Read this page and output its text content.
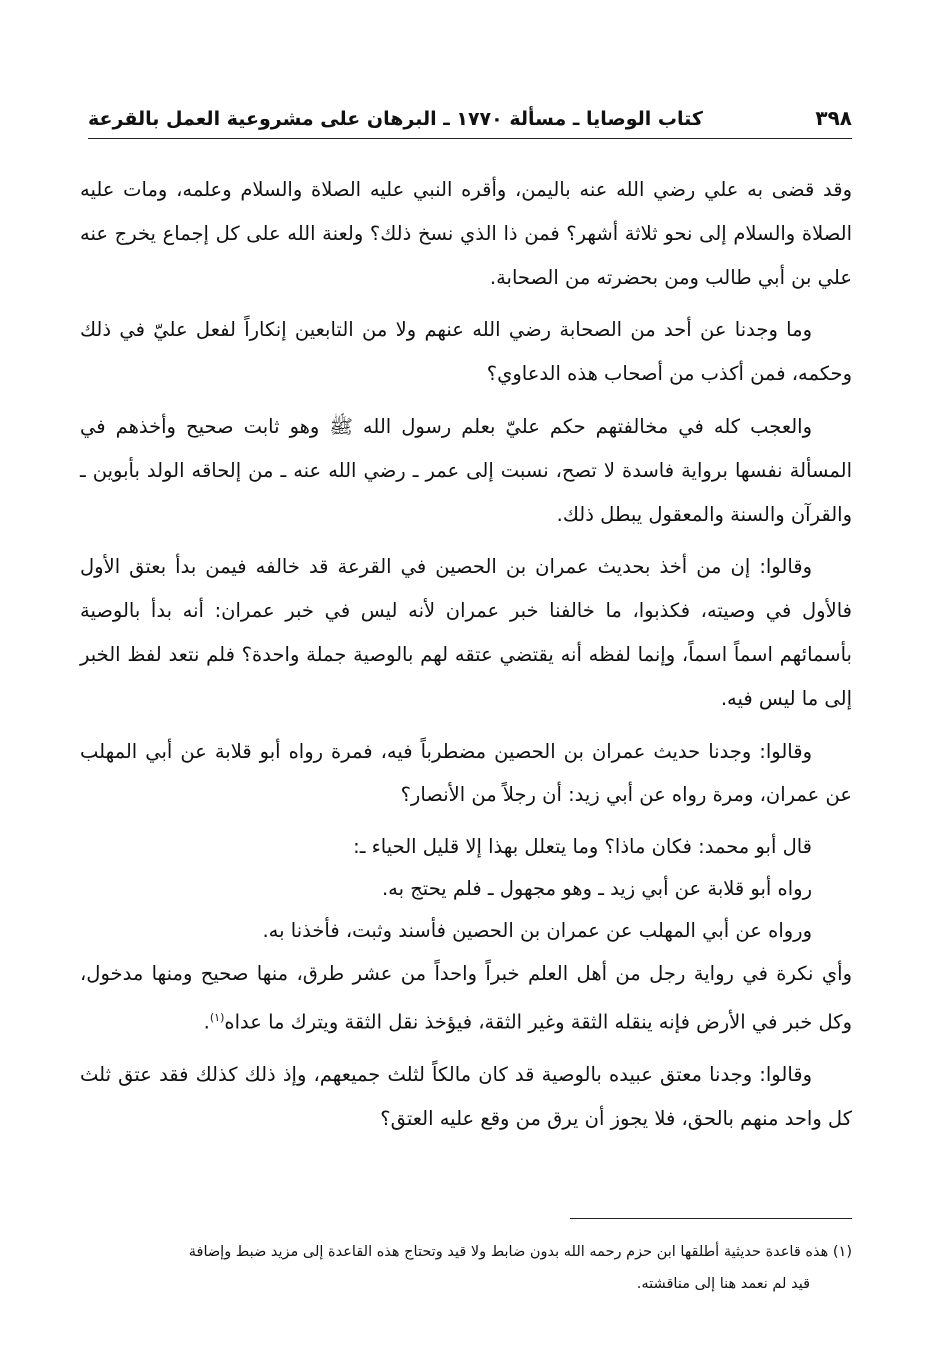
٣٩٨
كتاب الوصايا ـ مسألة ١٧٧٠ ـ البرهان على مشروعية العمل بالقرعة

وقد قضى به علي رضي الله عنه باليمن، وأقره النبي عليه الصلاة والسلام وعلمه، ومات عليه الصلاة والسلام إلى نحو ثلاثة أشهر؟ فمن ذا الذي نسخ ذلك؟ ولعنة الله على كل إجماع يخرج عنه علي بن أبي طالب ومن بحضرته من الصحابة.

وما وجدنا عن أحد من الصحابة رضي الله عنهم ولا من التابعين إنكاراً لفعل عليّ في ذلك وحكمه، فمن أكذب من أصحاب هذه الدعاوي؟

والعجب كله في مخالفتهم حكم عليّ بعلم رسول الله ﷺ وهو ثابت صحيح وأخذهم في المسألة نفسها برواية فاسدة لا تصح، نسبت إلى عمر ـ رضي الله عنه ـ من إلحاقه الولد بأبوين ـ والقرآن والسنة والمعقول يبطل ذلك.

وقالوا: إن من أخذ بحديث عمران بن الحصين في القرعة قد خالفه فيمن بدأ بعتق الأول فالأول في وصيته، فكذبوا، ما خالفنا خبر عمران لأنه ليس في خبر عمران: أنه بدأ بالوصية بأسمائهم اسماً اسماً، وإنما لفظه أنه يقتضي عتقه لهم بالوصية جملة واحدة؟ فلم نتعد لفظ الخبر إلى ما ليس فيه.

وقالوا: وجدنا حديث عمران بن الحصين مضطرباً فيه، فمرة رواه أبو قلابة عن أبي المهلب عن عمران، ومرة رواه عن أبي زيد: أن رجلاً من الأنصار؟

قال أبو محمد: فكان ماذا؟ وما يتعلل بهذا إلا قليل الحياء ـ:

رواه أبو قلابة عن أبي زيد ـ وهو مجهول ـ فلم يحتج به.

ورواه عن أبي المهلب عن عمران بن الحصين فأسند وثبت، فأخذنا به.

وأي نكرة في رواية رجل من أهل العلم خبراً واحداً من عشر طرق، منها صحيح ومنها مدخول، وكل خبر في الأرض فإنه ينقله الثقة وغير الثقة، فيؤخذ نقل الثقة ويترك ما عداه$^{(١)}$.

وقالوا: وجدنا معتق عبيده بالوصية قد كان مالكاً لثلث جميعهم، وإذ ذلك كذلك فقد عتق ثلث كل واحد منهم بالحق، فلا يجوز أن يرق من وقع عليه العتق؟

(١) هذه قاعدة حديثية أطلقها ابن حزم رحمه الله بدون ضابط ولا قيد وتحتاج هذه القاعدة إلى مزيد ضبط وإضافة
قيد لم نعمد هنا إلى مناقشته.
